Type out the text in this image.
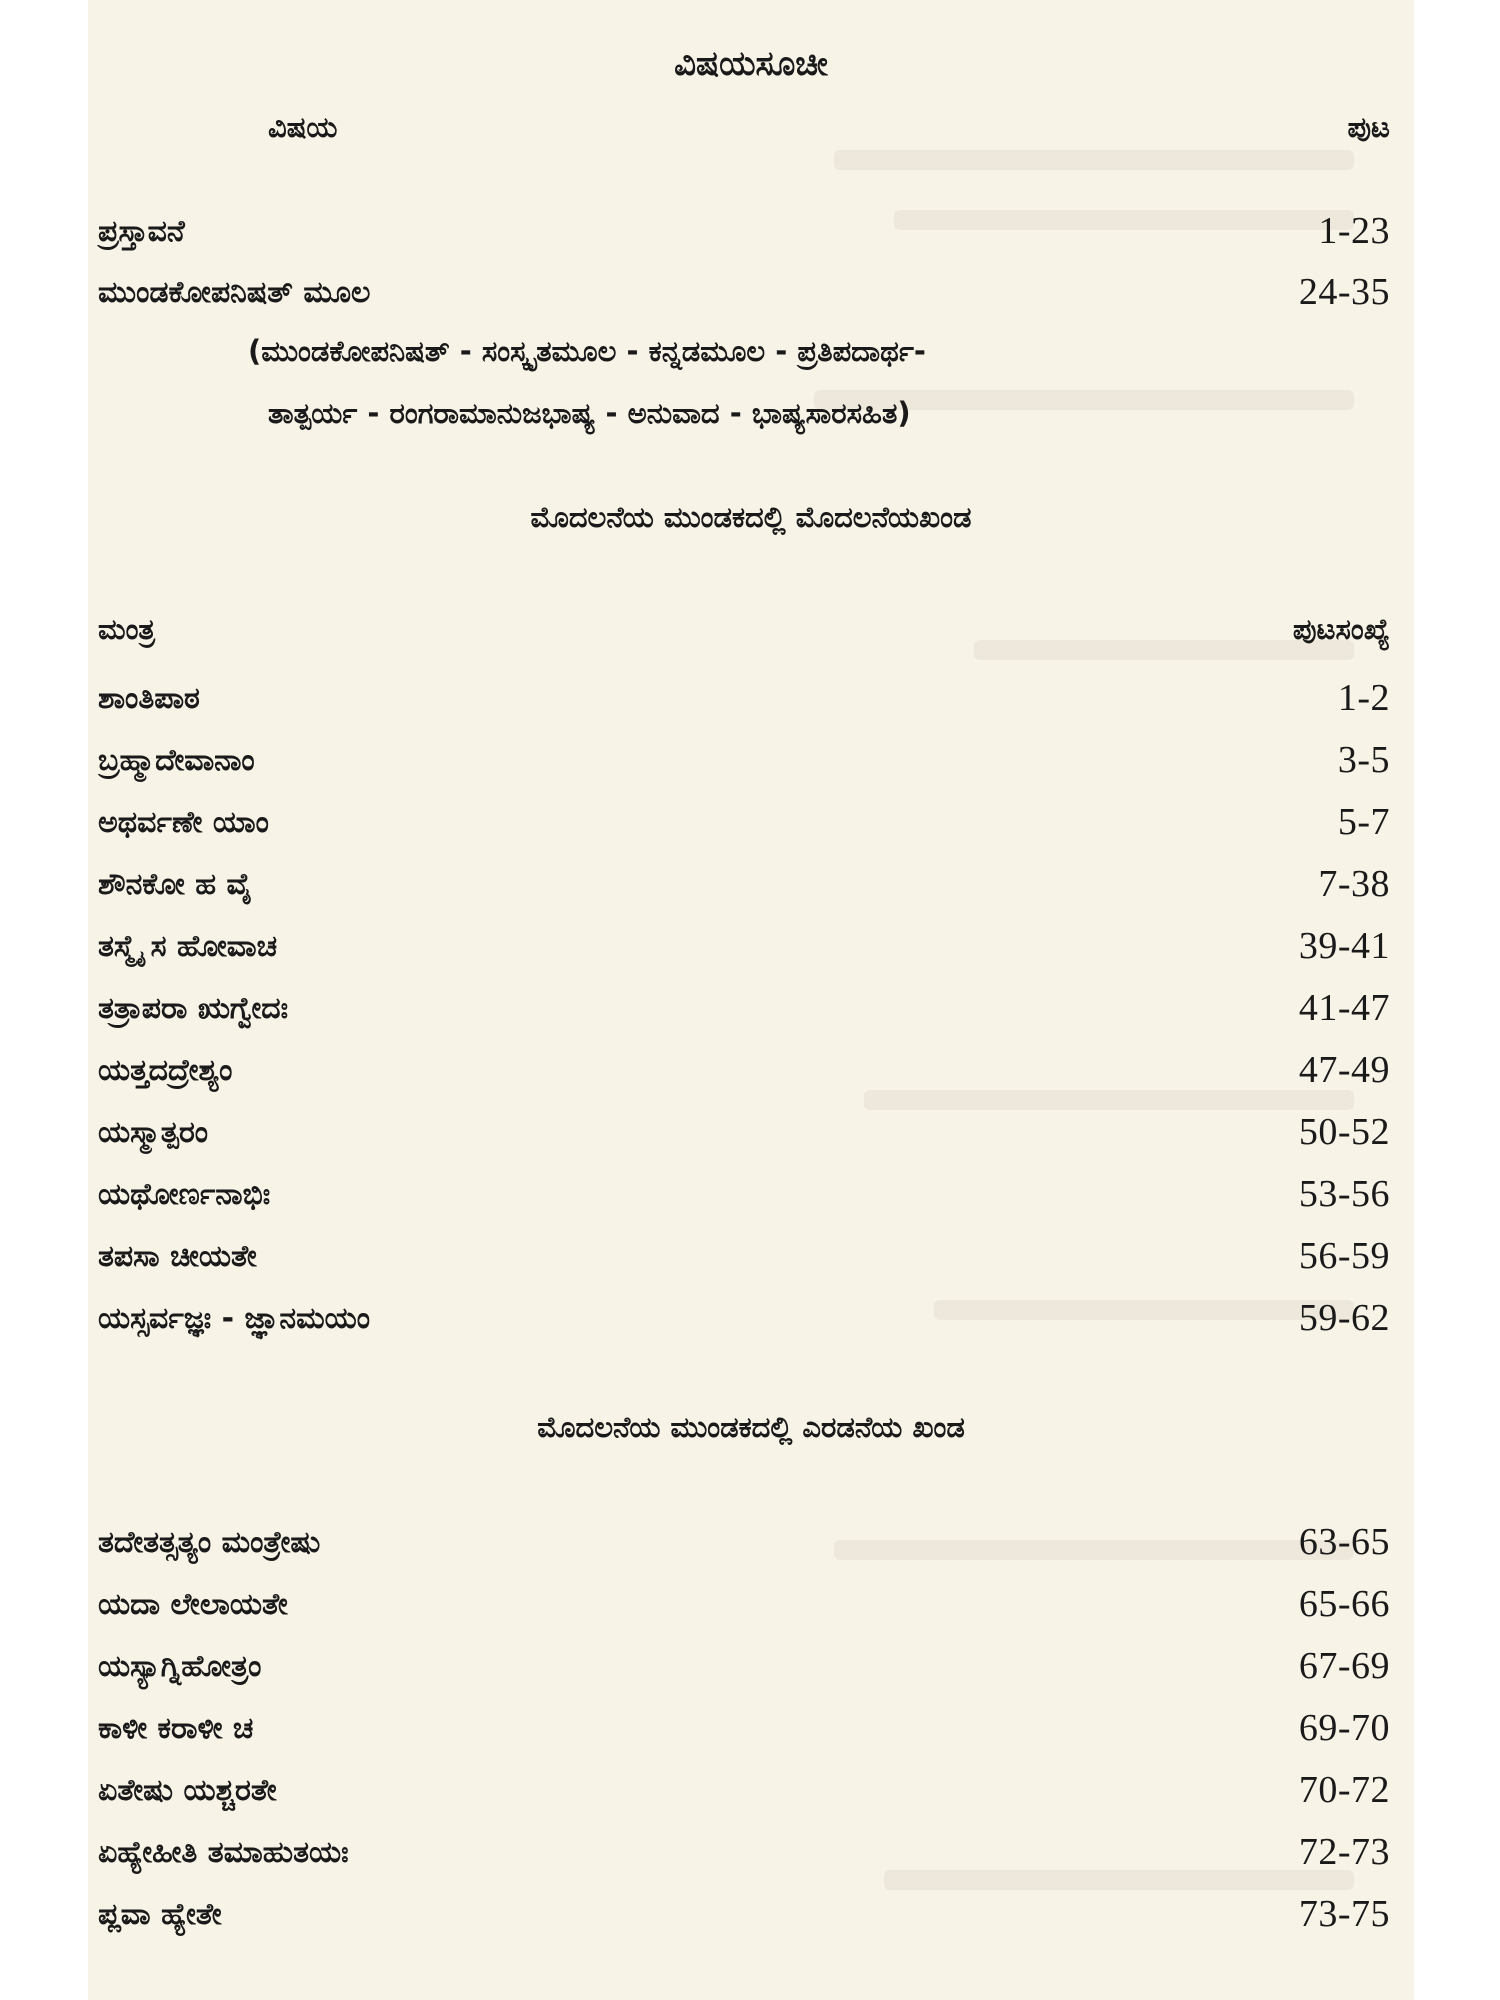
ವಿಷಯಸೂಚೀ
ವಿಷಯ	ಪುಟ
ಪ್ರಸ್ತಾವನೆ	1-23
ಮುಂಡಕೋಪನಿಷತ್ ಮೂಲ	24-35
(ಮುಂಡಕೋಪನಿಷತ್ - ಸಂಸ್ಕೃತಮೂಲ - ಕನ್ನಡಮೂಲ - ಪ್ರತಿಪದಾರ್ಥ-
ತಾತ್ಪರ್ಯ - ರಂಗರಾಮಾನುಜಭಾಷ್ಯ - ಅನುವಾದ - ಭಾಷ್ಯಸಾರಸಹಿತ)
ಮೊದಲನೆಯ ಮುಂಡಕದಲ್ಲಿ ಮೊದಲನೆಯಖಂಡ
ಮಂತ್ರ	ಪುಟಸಂಖ್ಯೆ
ಶಾಂತಿಪಾಠ	1-2
ಬ್ರಹ್ಮಾದೇವಾನಾಂ	3-5
ಅಥರ್ವಣೇ ಯಾಂ	5-7
ಶೌನಕೋ ಹ ವೈ	7-38
ತಸ್ಮೈ ಸ ಹೋವಾಚ	39-41
ತತ್ರಾಪರಾ ಋಗ್ವೇದಃ	41-47
ಯತ್ತದದ್ರೇಶ್ಯಂ	47-49
ಯಸ್ಮಾತ್ಪರಂ	50-52
ಯಥೋರ್ಣನಾಭಿಃ	53-56
ತಪಸಾ ಚೀಯತೇ	56-59
ಯಸ್ಸರ್ವಜ್ಞಃ - ಜ್ಞಾನಮಯಂ	59-62
ಮೊದಲನೆಯ ಮುಂಡಕದಲ್ಲಿ ಎರಡನೆಯ ಖಂಡ
ತದೇತತ್ಸತ್ಯಂ ಮಂತ್ರೇಷು	63-65
ಯದಾ ಲೇಲಾಯತೇ	65-66
ಯಸ್ಯಾಗ್ನಿಹೋತ್ರಂ	67-69
ಕಾಳೀ ಕರಾಳೀ ಚ	69-70
ಏತೇಷು ಯಶ್ಚರತೇ	70-72
ಏಹ್ಯೇಹೀತಿ ತಮಾಹುತಯಃ	72-73
ಪ್ಲವಾ ಹ್ಯೇತೇ	73-75
